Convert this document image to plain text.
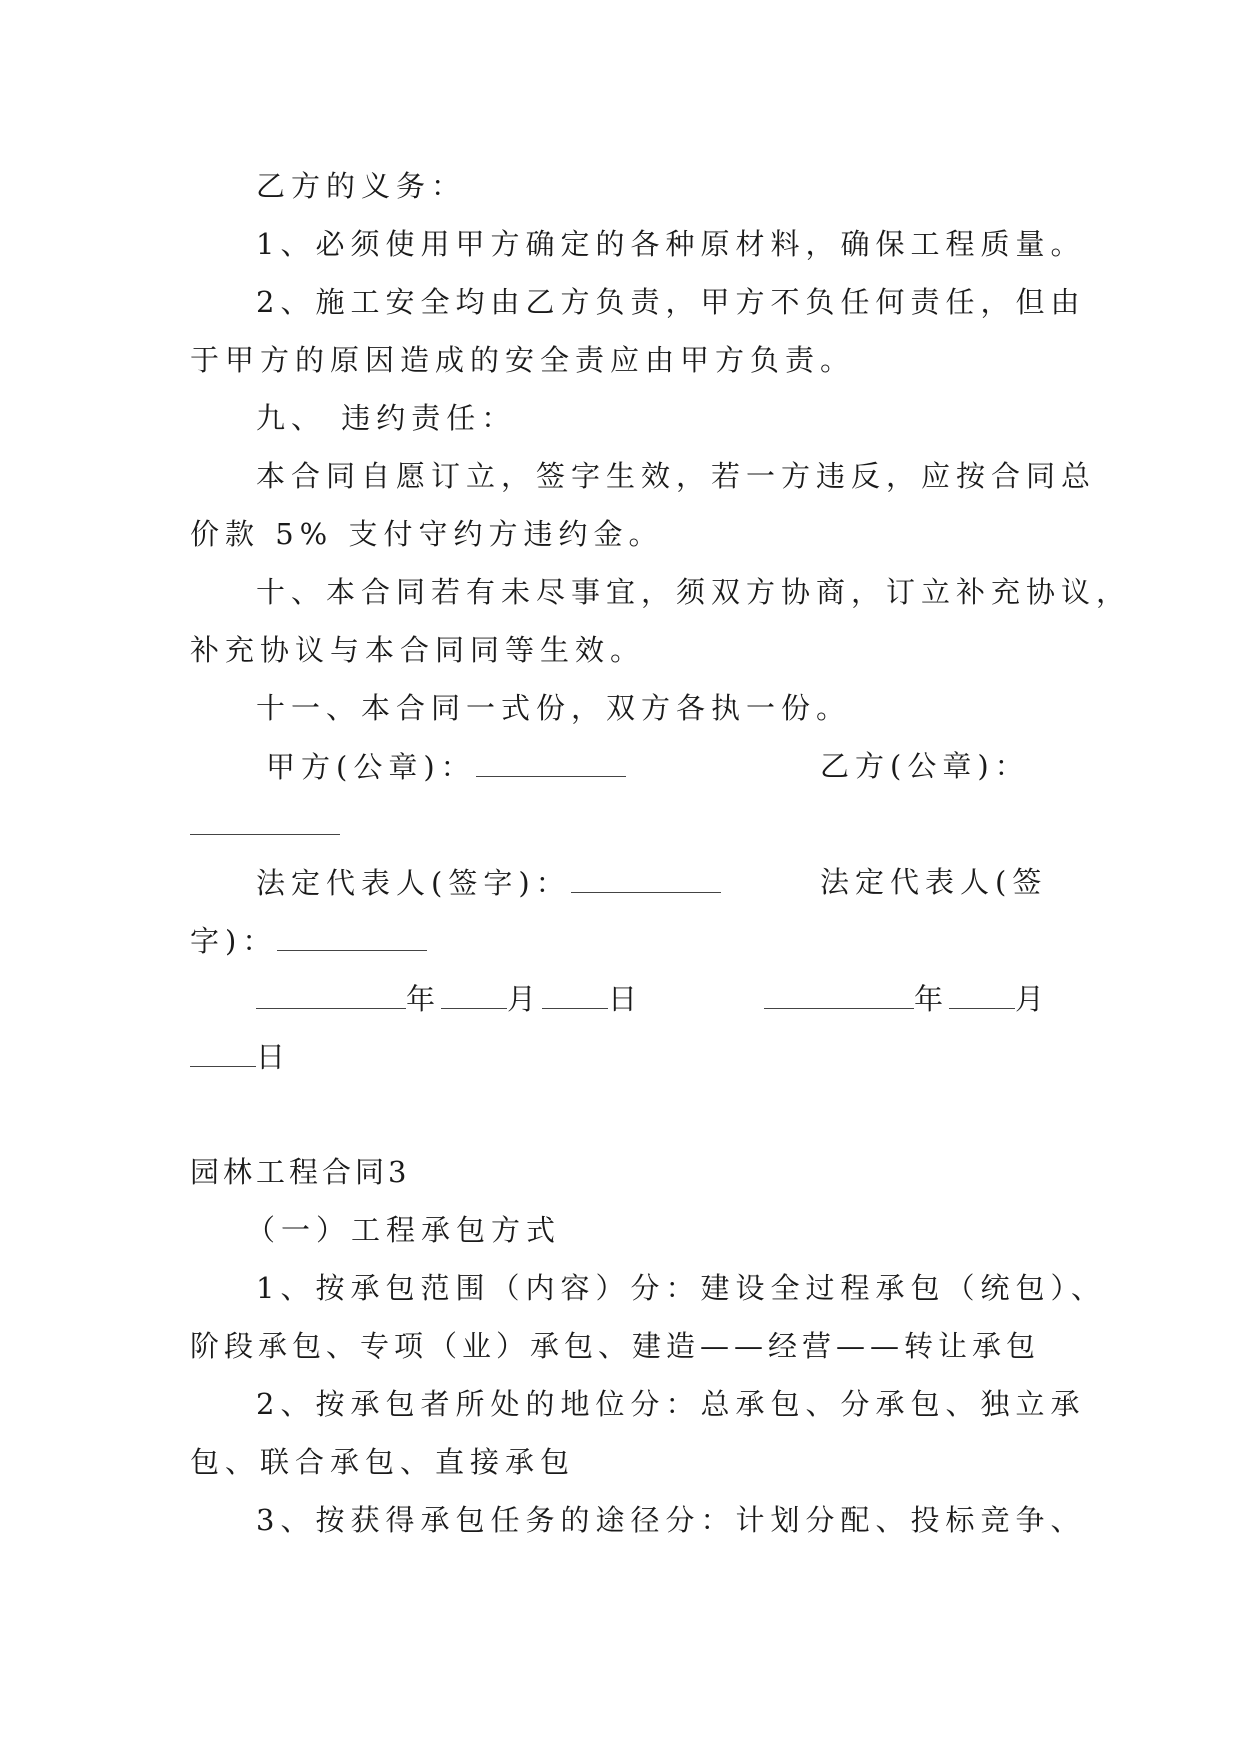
乙方的义务：
1、必须使用甲方确定的各种原材料，确保工程质量。
2、施工安全均由乙方负责，甲方不负任何责任，但由
于甲方的原因造成的安全责应由甲方负责。
九、 违约责任：
本合同自愿订立，签字生效，若一方违反，应按合同总
价款 5% 支付守约方违约金。
十、本合同若有未尽事宜，须双方协商，订立补充协议，
补充协议与本合同同等生效。
十一、本合同一式份，双方各执一份。
甲方(公章)：	乙方(公章)：
法定代表人(签字)：	法定代表人(签
字)：
年 月 日	年 月
日
园林工程合同3
（一）工程承包方式
1、按承包范围（内容）分：建设全过程承包（统包）、
阶段承包、专项（业）承包、建造——经营——转让承包
2、按承包者所处的地位分：总承包、分承包、独立承
包、联合承包、直接承包
3、按获得承包任务的途径分：计划分配、投标竞争、
